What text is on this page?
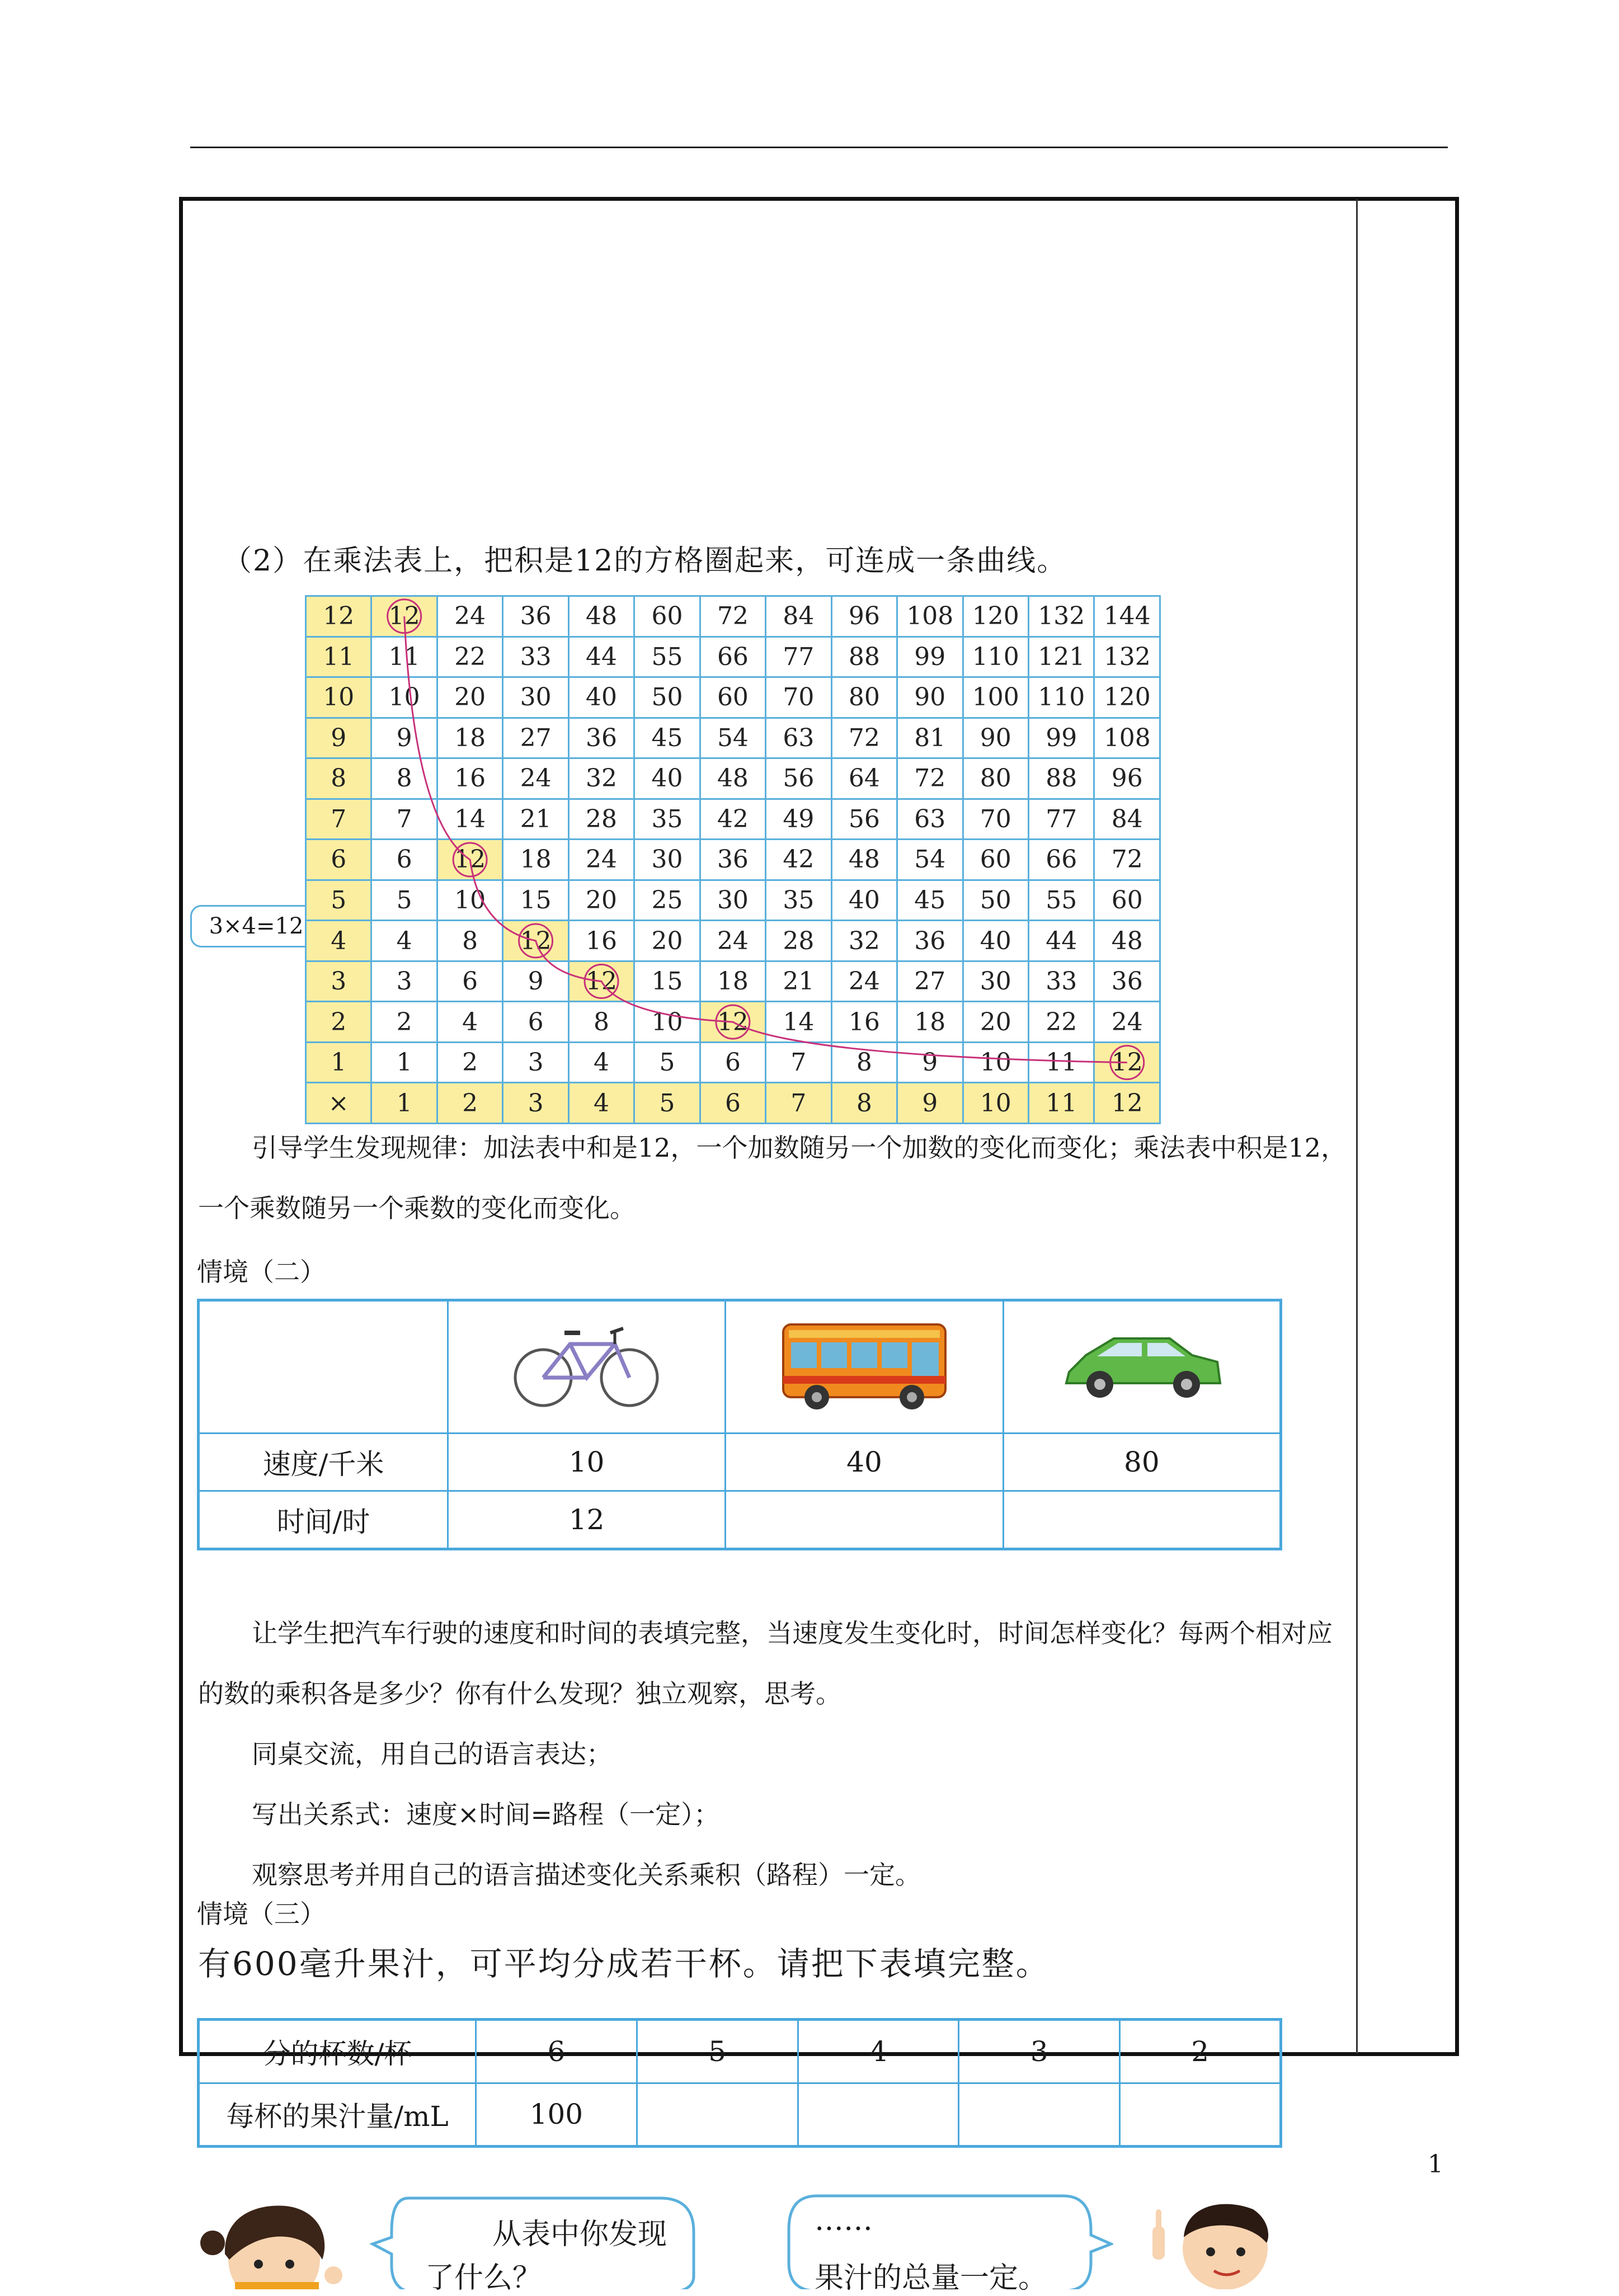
（2）在乘法表上，把积是12的方格圈起来，可连成一条曲线。
3×4=12
12	12	24	36	48	60	72	84	96	108	120	132	144
11	11	22	33	44	55	66	77	88	99	110	121	132
10	10	20	30	40	50	60	70	80	90	100	110	120
9	9	18	27	36	45	54	63	72	81	90	99	108
8	8	16	24	32	40	48	56	64	72	80	88	96
7	7	14	21	28	35	42	49	56	63	70	77	84
6	6	12	18	24	30	36	42	48	54	60	66	72
5	5	10	15	20	25	30	35	40	45	50	55	60
4	4	8	12	16	20	24	28	32	36	40	44	48
3	3	6	9	12	15	18	21	24	27	30	33	36
2	2	4	6	8	10	12	14	16	18	20	22	24
1	1	2	3	4	5	6	7	8	9	10	11	12
×	1	2	3	4	5	6	7	8	9	10	11	12
引导学生发现规律：加法表中和是12，一个加数随另一个加数的变化而变化；乘法表中积是12，一个乘数随另一个乘数的变化而变化。
情境（二）

速度/千米	10	40	80
时间/时	12		
让学生把汽车行驶的速度和时间的表填完整，当速度发生变化时，时间怎样变化？每两个相对应的数的乘积各是多少？你有什么发现？独立观察，思考。
同桌交流，用自己的语言表达；
写出关系式：速度×时间=路程（一定）；
观察思考并用自己的语言描述变化关系乘积（路程）一定。
情境（三）
有600毫升果汁，可平均分成若干杯。请把下表填完整。
分的杯数/杯	6	5	4	3	2
每杯的果汁量/mL	100				
1
从表中你发现
了什么？
……
果汁的总量一定。
